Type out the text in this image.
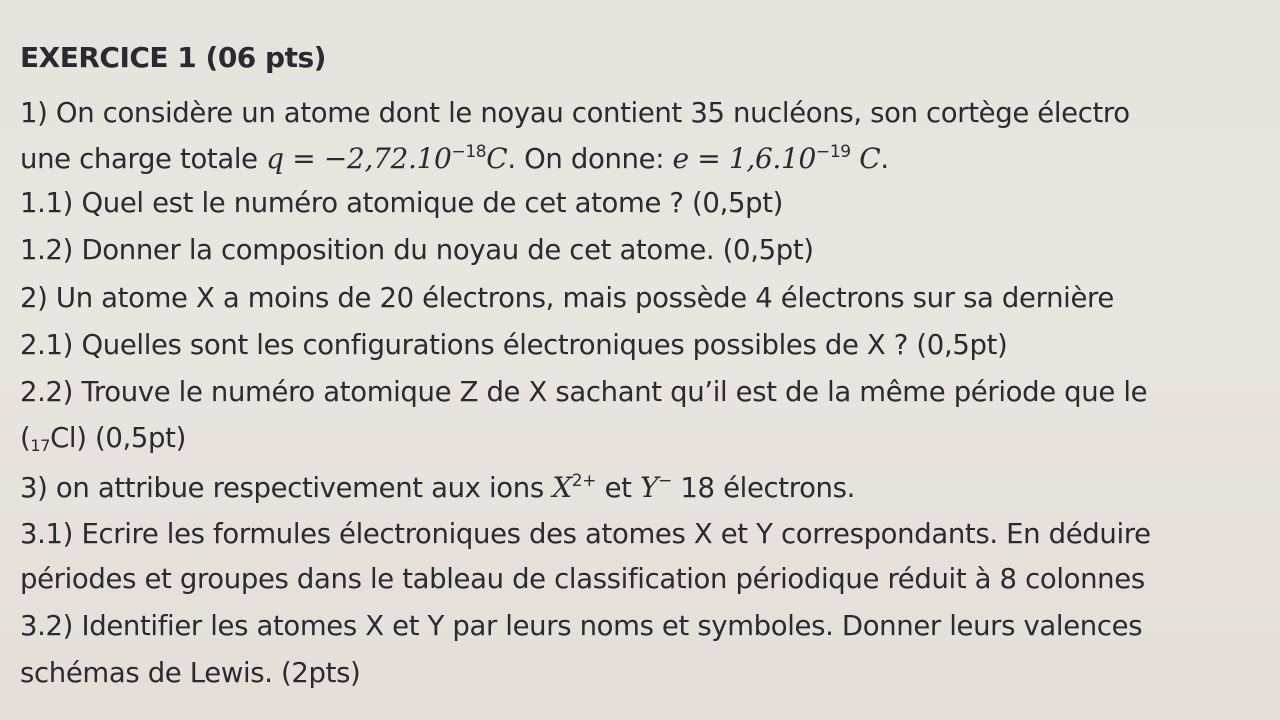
EXERCICE 1 (06 pts)
1) On considère un atome dont le noyau contient 35 nucléons, son cortège électro
une charge totale $q = -2,72.10^{-18}C$. On donne: $e = 1,6.10^{-19}$ C.
1.1) Quel est le numéro atomique de cet atome ? (0,5pt)
1.2) Donner la composition du noyau de cet atome. (0,5pt)
2) Un atome X a moins de 20 électrons, mais possède 4 électrons sur sa dernière
2.1) Quelles sont les configurations électroniques possibles de X ? (0,5pt)
2.2) Trouve le numéro atomique Z de X sachant qu’il est de la même période que le
$(_{17}Cl)$ (0,5pt)
3) on attribue respectivement aux ions $X^{2+}$ et Y− 18 électrons.
3.1) Ecrire les formules électroniques des atomes X et Y correspondants. En déduire
périodes et groupes dans le tableau de classification périodique réduit à 8 colonnes
3.2) Identifier les atomes X et Y par leurs noms et symboles. Donner leurs valences
schémas de Lewis. (2pts)
